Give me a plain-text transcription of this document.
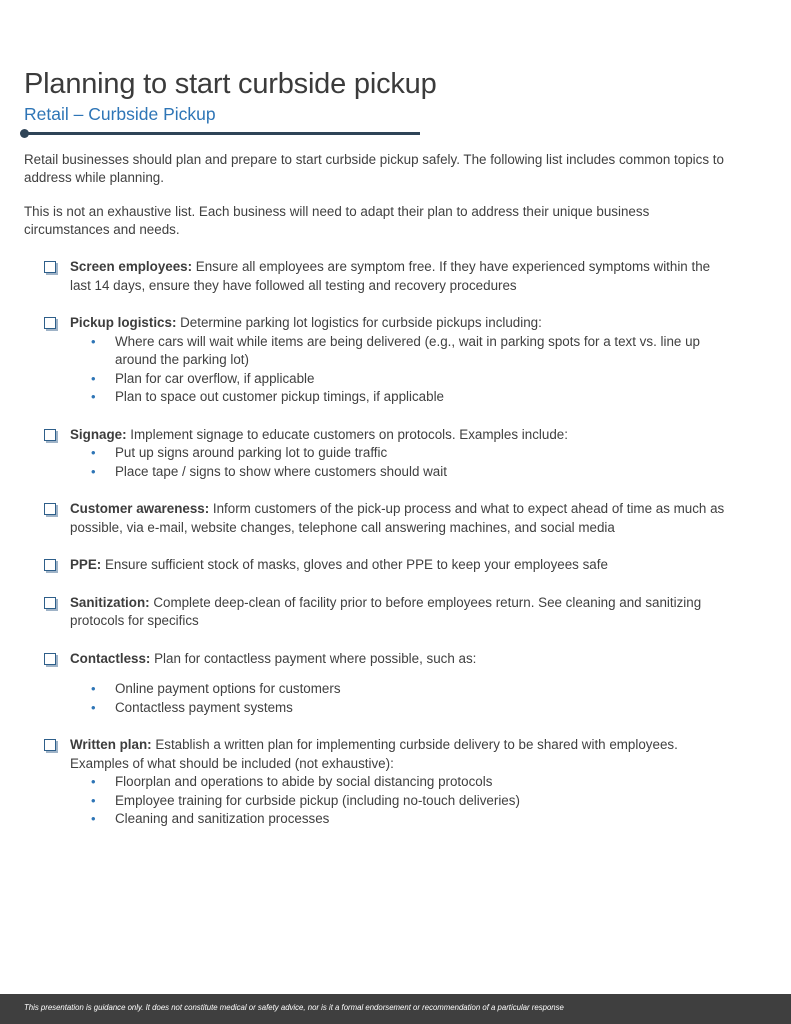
Planning to start curbside pickup
Retail – Curbside Pickup

Retail businesses should plan and prepare to start curbside pickup safely. The following list includes common topics to address while planning.

This is not an exhaustive list. Each business will need to adapt their plan to address their unique business circumstances and needs.

Screen employees: Ensure all employees are symptom free. If they have experienced symptoms within the last 14 days, ensure they have followed all testing and recovery procedures
Pickup logistics: Determine parking lot logistics for curbside pickups including:
• Where cars will wait while items are being delivered (e.g., wait in parking spots for a text vs. line up around the parking lot)
• Plan for car overflow, if applicable
• Plan to space out customer pickup timings, if applicable
Signage: Implement signage to educate customers on protocols. Examples include:
• Put up signs around parking lot to guide traffic
• Place tape / signs to show where customers should wait
Customer awareness: Inform customers of the pick-up process and what to expect ahead of time as much as possible, via e-mail, website changes, telephone call answering machines, and social media
PPE: Ensure sufficient stock of masks, gloves and other PPE to keep your employees safe
Sanitization: Complete deep-clean of facility prior to before employees return. See cleaning and sanitizing protocols for specifics
Contactless: Plan for contactless payment where possible, such as:
• Online payment options for customers
• Contactless payment systems
Written plan: Establish a written plan for implementing curbside delivery to be shared with employees. Examples of what should be included (not exhaustive):
• Floorplan and operations to abide by social distancing protocols
• Employee training for curbside pickup (including no-touch deliveries)
• Cleaning and sanitization processes
This presentation is guidance only. It does not constitute medical or safety advice, nor is it a formal endorsement or recommendation of a particular response
